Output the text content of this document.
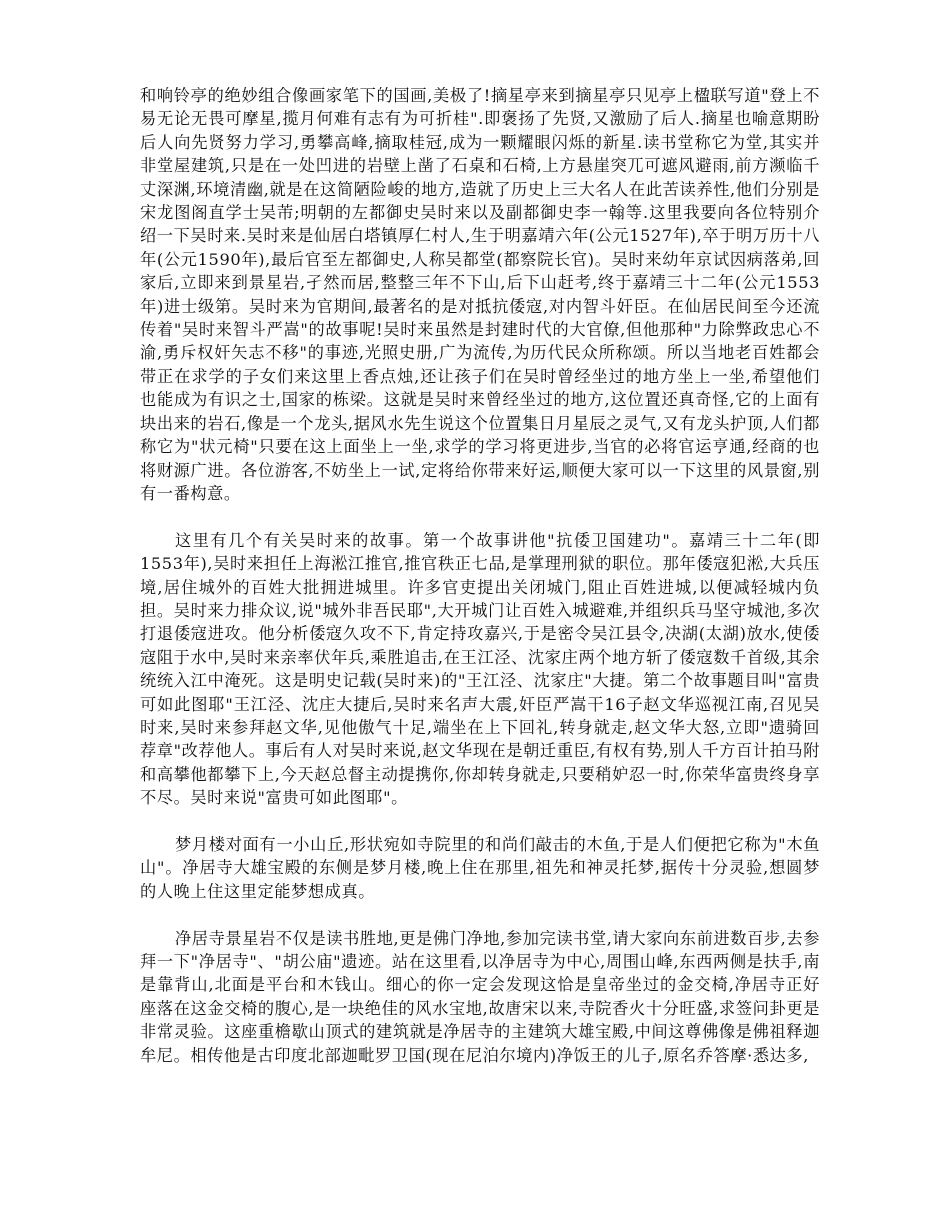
和响铃亭的绝妙组合像画家笔下的国画,美极了!摘星亭来到摘星亭只见亭上楹联写道"登上不易无论无畏可摩星,揽月何难有志有为可折桂".即褒扬了先贤,又激励了后人.摘星也喻意期盼后人向先贤努力学习,勇攀高峰,摘取桂冠,成为一颗耀眼闪烁的新星.读书堂称它为堂,其实并非堂屋建筑,只是在一处凹进的岩壁上凿了石桌和石椅,上方悬崖突兀可遮风避雨,前方濒临千丈深渊,环境清幽,就是在这简陋险峻的地方,造就了历史上三大名人在此苦读养性,他们分别是宋龙图阁直学士吴芾;明朝的左都御史吴时来以及副都御史李一翰等.这里我要向各位特别介绍一下吴时来.吴时来是仙居白塔镇厚仁村人,生于明嘉靖六年(公元1527年),卒于明万历十八年(公元1590年),最后官至左都御史,人称吴都堂(都察院长官)。吴时来幼年京试因病落弟,回家后,立即来到景星岩,孑然而居,整整三年不下山,后下山赶考,终于嘉靖三十二年(公元1553年)进士级第。吴时来为官期间,最著名的是对抵抗倭寇,对内智斗奸臣。在仙居民间至今还流传着"吴时来智斗严嵩"的故事呢!吴时来虽然是封建时代的大官僚,但他那种"力除弊政忠心不渝,勇斥权奸矢志不移"的事迹,光照史册,广为流传,为历代民众所称颂。所以当地老百姓都会带正在求学的子女们来这里上香点烛,还让孩子们在吴时曾经坐过的地方坐上一坐,希望他们也能成为有识之士,国家的栋梁。这就是吴时来曾经坐过的地方,这位置还真奇怪,它的上面有块出来的岩石,像是一个龙头,据风水先生说这个位置集日月星辰之灵气,又有龙头护顶,人们都称它为"状元椅"只要在这上面坐上一坐,求学的学习将更进步,当官的必将官运亨通,经商的也将财源广进。各位游客,不妨坐上一试,定将给你带来好运,顺便大家可以一下这里的风景窗,别有一番构意。

这里有几个有关吴时来的故事。第一个故事讲他"抗倭卫国建功"。嘉靖三十二年(即1553年),吴时来担任上海淞江推官,推官秩正七品,是掌理刑狱的职位。那年倭寇犯淞,大兵压境,居住城外的百姓大批拥进城里。许多官吏提出关闭城门,阻止百姓进城,以便减轻城内负担。吴时来力排众议,说"城外非吾民耶",大开城门让百姓入城避难,并组织兵马坚守城池,多次打退倭寇进攻。他分析倭寇久攻不下,肯定持攻嘉兴,于是密令吴江县令,决湖(太湖)放水,使倭寇阻于水中,吴时来亲率伏年兵,乘胜追击,在王江泾、沈家庄两个地方斩了倭寇数千首级,其余统统入江中淹死。这是明史记载(吴时来)的"王江泾、沈家庄"大捷。第二个故事题目叫"富贵可如此图耶"王江泾、沈庄大捷后,吴时来名声大震,奸臣严嵩干16子赵文华巡视江南,召见吴时来,吴时来参拜赵文华,见他傲气十足,端坐在上下回礼,转身就走,赵文华大怒,立即"遗骑回荐章"改荐他人。事后有人对吴时来说,赵文华现在是朝迁重臣,有权有势,别人千方百计拍马附和高攀他都攀下上,今天赵总督主动提携你,你却转身就走,只要稍妒忍一时,你荣华富贵终身享不尽。吴时来说"富贵可如此图耶"。

梦月楼对面有一小山丘,形状宛如寺院里的和尚们敲击的木鱼,于是人们便把它称为"木鱼山"。净居寺大雄宝殿的东侧是梦月楼,晚上住在那里,祖先和神灵托梦,据传十分灵验,想圆梦的人晚上住这里定能梦想成真。

净居寺景星岩不仅是读书胜地,更是佛门净地,参加完读书堂,请大家向东前进数百步,去参拜一下"净居寺"、"胡公庙"遗迹。站在这里看,以净居寺为中心,周围山峰,东西两侧是扶手,南是靠背山,北面是平台和木钱山。细心的你一定会发现这恰是皇帝坐过的金交椅,净居寺正好座落在这金交椅的腹心,是一块绝佳的风水宝地,故唐宋以来,寺院香火十分旺盛,求签问卦更是非常灵验。这座重檐歇山顶式的建筑就是净居寺的主建筑大雄宝殿,中间这尊佛像是佛祖释迦牟尼。相传他是古印度北部迦毗罗卫国(现在尼泊尔境内)净饭王的儿子,原名乔答摩·悉达多,
